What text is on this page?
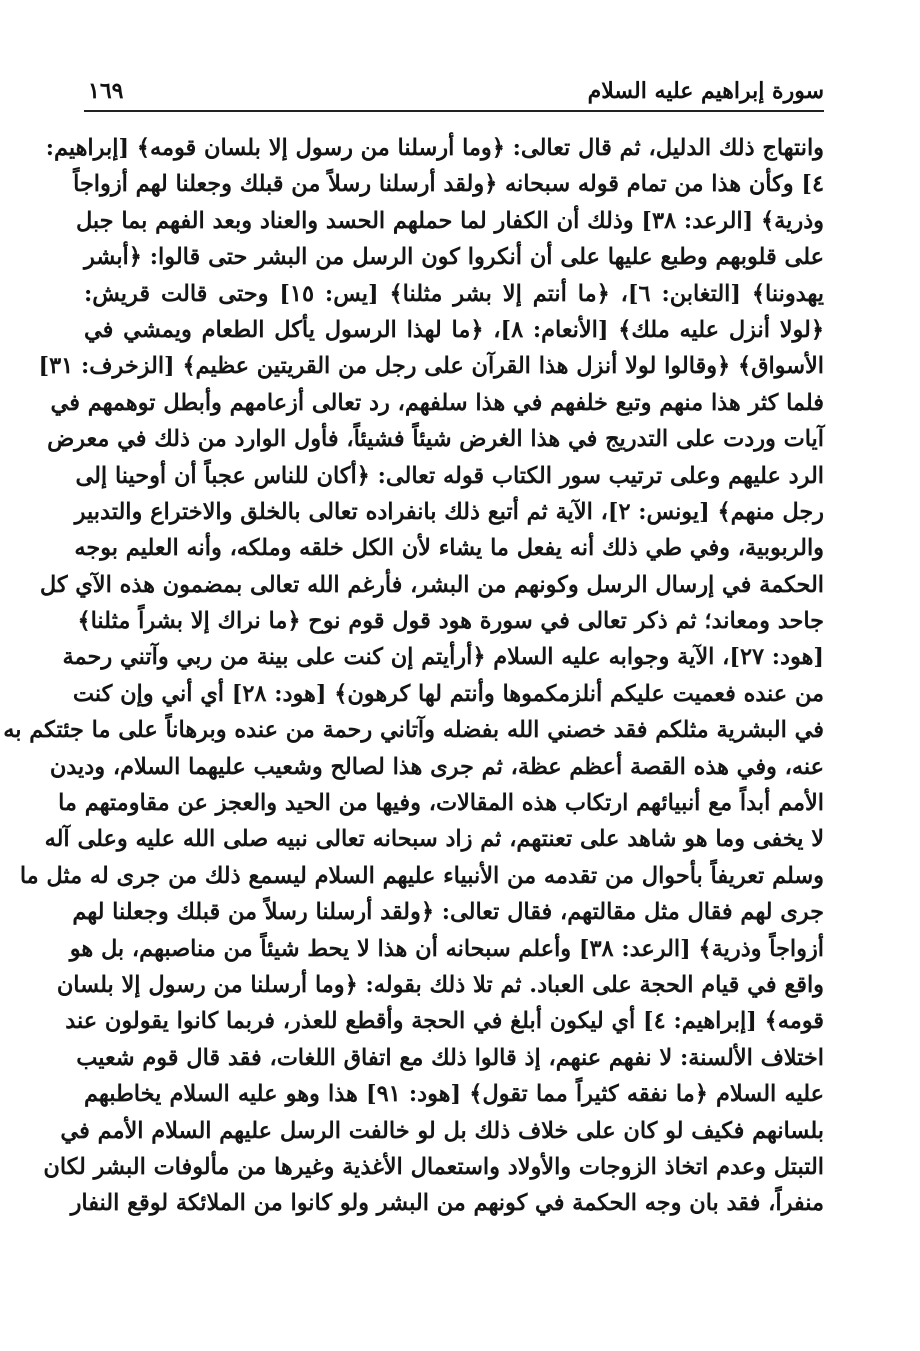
سورة إبراهيم عليه السلام
١٦٩
وانتهاج ذلك الدليل، ثم قال تعالى: ﴿وما أرسلنا من رسول إلا بلسان قومه﴾ [إبراهيم:
٤] وكأن هذا من تمام قوله سبحانه ﴿ولقد أرسلنا رسلاً من قبلك وجعلنا لهم أزواجاً
وذرية﴾ [الرعد: ٣٨] وذلك أن الكفار لما حملهم الحسد والعناد وبعد الفهم بما جبل
على قلوبهم وطبع عليها على أن أنكروا كون الرسل من البشر حتى قالوا: ﴿أبشر
يهدوننا﴾ [التغابن: ٦]، ﴿ما أنتم إلا بشر مثلنا﴾ [يس: ١٥] وحتى قالت قريش:
﴿لولا أنزل عليه ملك﴾ [الأنعام: ٨]، ﴿ما لهذا الرسول يأكل الطعام ويمشي في
الأسواق﴾ ﴿وقالوا لولا أنزل هذا القرآن على رجل من القريتين عظيم﴾ [الزخرف: ٣١]
فلما كثر هذا منهم وتبع خلفهم في هذا سلفهم، رد تعالى أزعامهم وأبطل توهمهم في
آيات وردت على التدريج في هذا الغرض شيئاً فشيئاً، فأول الوارد من ذلك في معرض
الرد عليهم وعلى ترتيب سور الكتاب قوله تعالى: ﴿أكان للناس عجباً أن أوحينا إلى
رجل منهم﴾ [يونس: ٢]، الآية ثم أتبع ذلك بانفراده تعالى بالخلق والاختراع والتدبير
والربوبية، وفي طي ذلك أنه يفعل ما يشاء لأن الكل خلقه وملكه، وأنه العليم بوجه
الحكمة في إرسال الرسل وكونهم من البشر، فأرغم الله تعالى بمضمون هذه الآي كل
جاحد ومعاند؛ ثم ذكر تعالى في سورة هود قول قوم نوح ﴿ما نراك إلا بشراً مثلنا﴾
[هود: ٢٧]، الآية وجوابه عليه السلام ﴿أرأيتم إن كنت على بينة من ربي وآتني رحمة
من عنده فعميت عليكم أنلزمكموها وأنتم لها كرهون﴾ [هود: ٢٨] أي أني وإن كنت
في البشرية مثلكم فقد خصني الله بفضله وآتاني رحمة من عنده وبرهاناً على ما جئتكم به
عنه، وفي هذه القصة أعظم عظة، ثم جرى هذا لصالح وشعيب عليهما السلام، وديدن
الأمم أبداً مع أنبيائهم ارتكاب هذه المقالات، وفيها من الحيد والعجز عن مقاومتهم ما
لا يخفى وما هو شاهد على تعنتهم، ثم زاد سبحانه تعالى نبيه صلى الله عليه وعلى آله
وسلم تعريفاً بأحوال من تقدمه من الأنبياء عليهم السلام ليسمع ذلك من جرى له مثل ما
جرى لهم فقال مثل مقالتهم، فقال تعالى: ﴿ولقد أرسلنا رسلاً من قبلك وجعلنا لهم
أزواجاً وذرية﴾ [الرعد: ٣٨] وأعلم سبحانه أن هذا لا يحط شيئاً من مناصبهم، بل هو
واقع في قيام الحجة على العباد. ثم تلا ذلك بقوله: ﴿وما أرسلنا من رسول إلا بلسان
قومه﴾ [إبراهيم: ٤] أي ليكون أبلغ في الحجة وأقطع للعذر، فربما كانوا يقولون عند
اختلاف الألسنة: لا نفهم عنهم، إذ قالوا ذلك مع اتفاق اللغات، فقد قال قوم شعيب
عليه السلام ﴿ما نفقه كثيراً مما تقول﴾ [هود: ٩١] هذا وهو عليه السلام يخاطبهم
بلسانهم فكيف لو كان على خلاف ذلك بل لو خالفت الرسل عليهم السلام الأمم في
التبتل وعدم اتخاذ الزوجات والأولاد واستعمال الأغذية وغيرها من مألوفات البشر لكان
منفراً، فقد بان وجه الحكمة في كونهم من البشر ولو كانوا من الملائكة لوقع النفار
